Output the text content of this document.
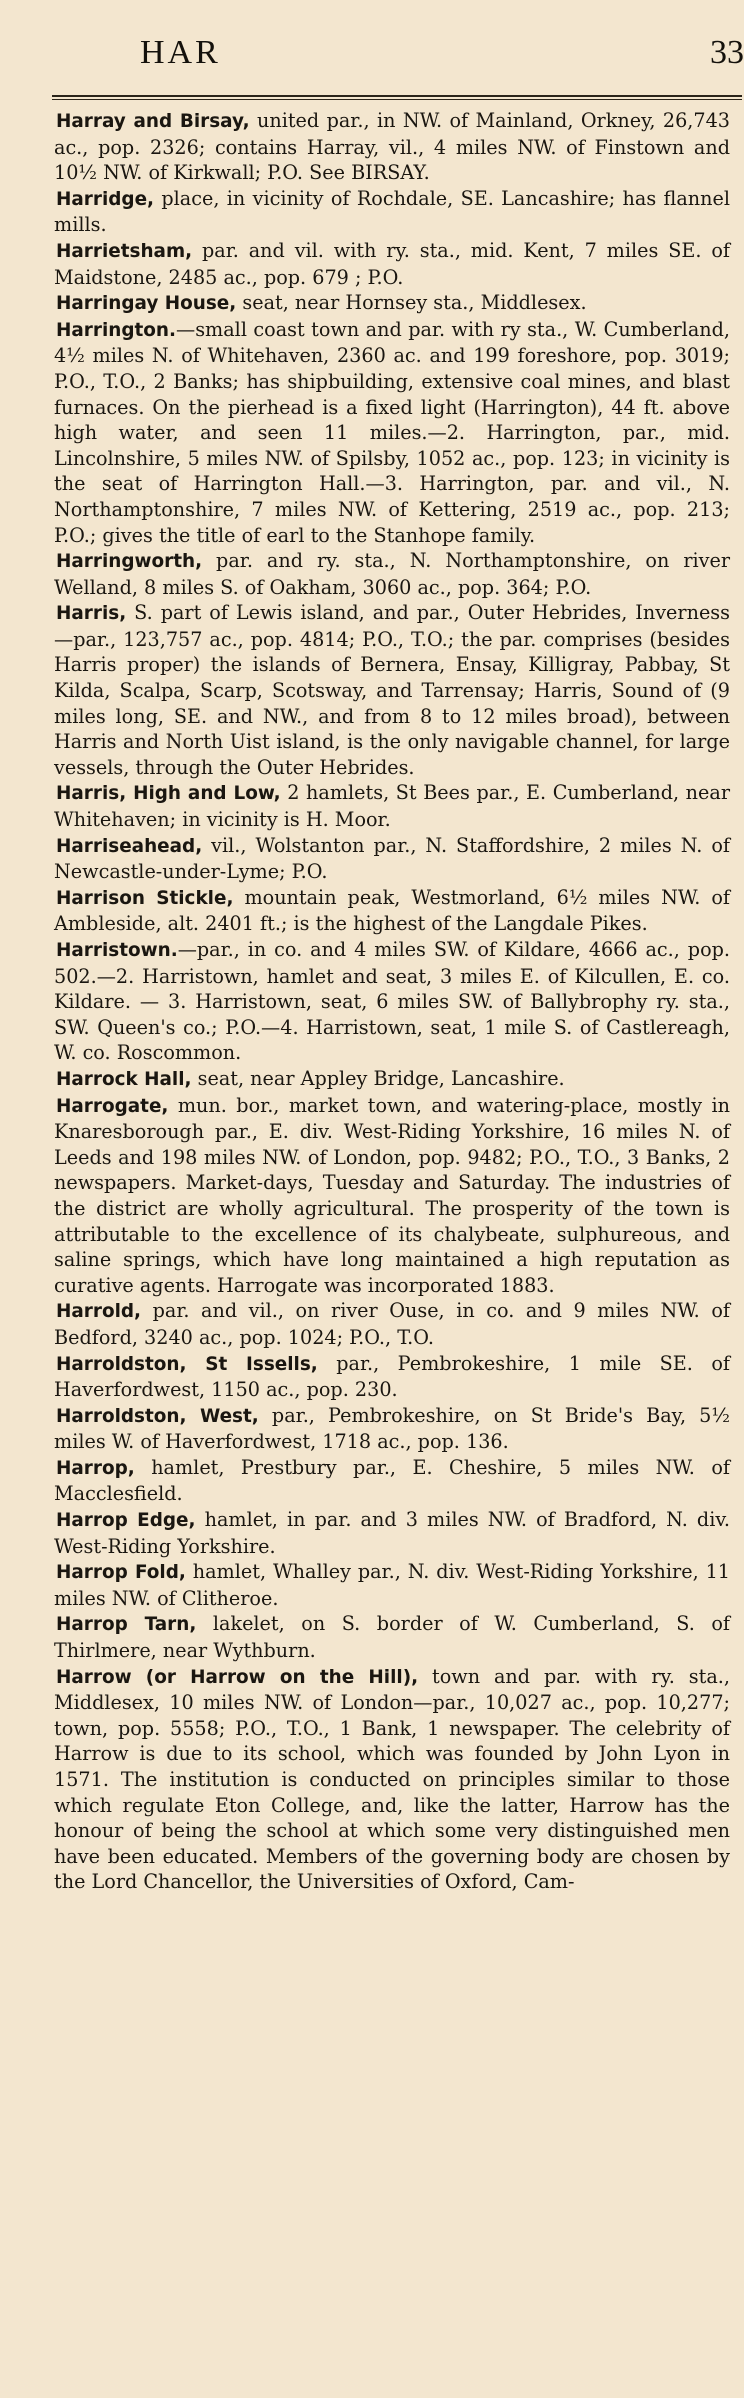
HAR	33

Harray and Birsay, united par., in NW. of Mainland, Orkney, 26,743 ac., pop. 2326; contains Harray, vil., 4 miles NW. of Finstown and 10½ NW. of Kirkwall; P.O. See BIRSAY.

Harridge, place, in vicinity of Rochdale, SE. Lancashire; has flannel mills.

Harrietsham, par. and vil. with ry. sta., mid. Kent, 7 miles SE. of Maidstone, 2485 ac., pop. 679 ; P.O.

Harringay House, seat, near Hornsey sta., Middlesex.

Harrington.—small coast town and par. with ry sta., W. Cumberland, 4½ miles N. of Whitehaven, 2360 ac. and 199 foreshore, pop. 3019; P.O., T.O., 2 Banks; has shipbuilding, extensive coal mines, and blast furnaces. On the pierhead is a fixed light (Harrington), 44 ft. above high water, and seen 11 miles.—2. Harrington, par., mid. Lincolnshire, 5 miles NW. of Spilsby, 1052 ac., pop. 123; in vicinity is the seat of Harrington Hall.—3. Harrington, par. and vil., N. Northamptonshire, 7 miles NW. of Kettering, 2519 ac., pop. 213; P.O.; gives the title of earl to the Stanhope family.

Harringworth, par. and ry. sta., N. Northamptonshire, on river Welland, 8 miles S. of Oakham, 3060 ac., pop. 364; P.O.

Harris, S. part of Lewis island, and par., Outer Hebrides, Inverness—par., 123,757 ac., pop. 4814; P.O., T.O.; the par. comprises (besides Harris proper) the islands of Bernera, Ensay, Killigray, Pabbay, St Kilda, Scalpa, Scarp, Scotsway, and Tarrensay; Harris, Sound of (9 miles long, SE. and NW., and from 8 to 12 miles broad), between Harris and North Uist island, is the only navigable channel, for large vessels, through the Outer Hebrides.

Harris, High and Low, 2 hamlets, St Bees par., E. Cumberland, near Whitehaven; in vicinity is H. Moor.

Harriseahead, vil., Wolstanton par., N. Staffordshire, 2 miles N. of Newcastle-under-Lyme; P.O.

Harrison Stickle, mountain peak, Westmorland, 6½ miles NW. of Ambleside, alt. 2401 ft.; is the highest of the Langdale Pikes.

Harristown.—par., in co. and 4 miles SW. of Kildare, 4666 ac., pop. 502.—2. Harristown, hamlet and seat, 3 miles E. of Kilcullen, E. co. Kildare. — 3. Harristown, seat, 6 miles SW. of Ballybrophy ry. sta., SW. Queen's co.; P.O.—4. Harristown, seat, 1 mile S. of Castlereagh, W. co. Roscommon.

Harrock Hall, seat, near Appley Bridge, Lancashire.

Harrogate, mun. bor., market town, and watering-place, mostly in Knaresborough par., E. div. West-Riding Yorkshire, 16 miles N. of Leeds and 198 miles NW. of London, pop. 9482; P.O., T.O., 3 Banks, 2 newspapers. Market-days, Tuesday and Saturday. The industries of the district are wholly agricultural. The prosperity of the town is attributable to the excellence of its chalybeate, sulphureous, and saline springs, which have long maintained a high reputation as curative agents. Harrogate was incorporated 1883.

Harrold, par. and vil., on river Ouse, in co. and 9 miles NW. of Bedford, 3240 ac., pop. 1024; P.O., T.O.

Harroldston, St Issells, par., Pembrokeshire, 1 mile SE. of Haverfordwest, 1150 ac., pop. 230.

Harroldston, West, par., Pembrokeshire, on St Bride's Bay, 5½ miles W. of Haverfordwest, 1718 ac., pop. 136.

Harrop, hamlet, Prestbury par., E. Cheshire, 5 miles NW. of Macclesfield.

Harrop Edge, hamlet, in par. and 3 miles NW. of Bradford, N. div. West-Riding Yorkshire.

Harrop Fold, hamlet, Whalley par., N. div. West-Riding Yorkshire, 11 miles NW. of Clitheroe.

Harrop Tarn, lakelet, on S. border of W. Cumberland, S. of Thirlmere, near Wythburn.

Harrow (or Harrow on the Hill), town and par. with ry. sta., Middlesex, 10 miles NW. of London—par., 10,027 ac., pop. 10,277; town, pop. 5558; P.O., T.O., 1 Bank, 1 newspaper. The celebrity of Harrow is due to its school, which was founded by John Lyon in 1571. The institution is conducted on principles similar to those which regulate Eton College, and, like the latter, Harrow has the honour of being the school at which some very distinguished men have been educated. Members of the governing body are chosen by the Lord Chancellor, the Universities of Oxford, Cam-
